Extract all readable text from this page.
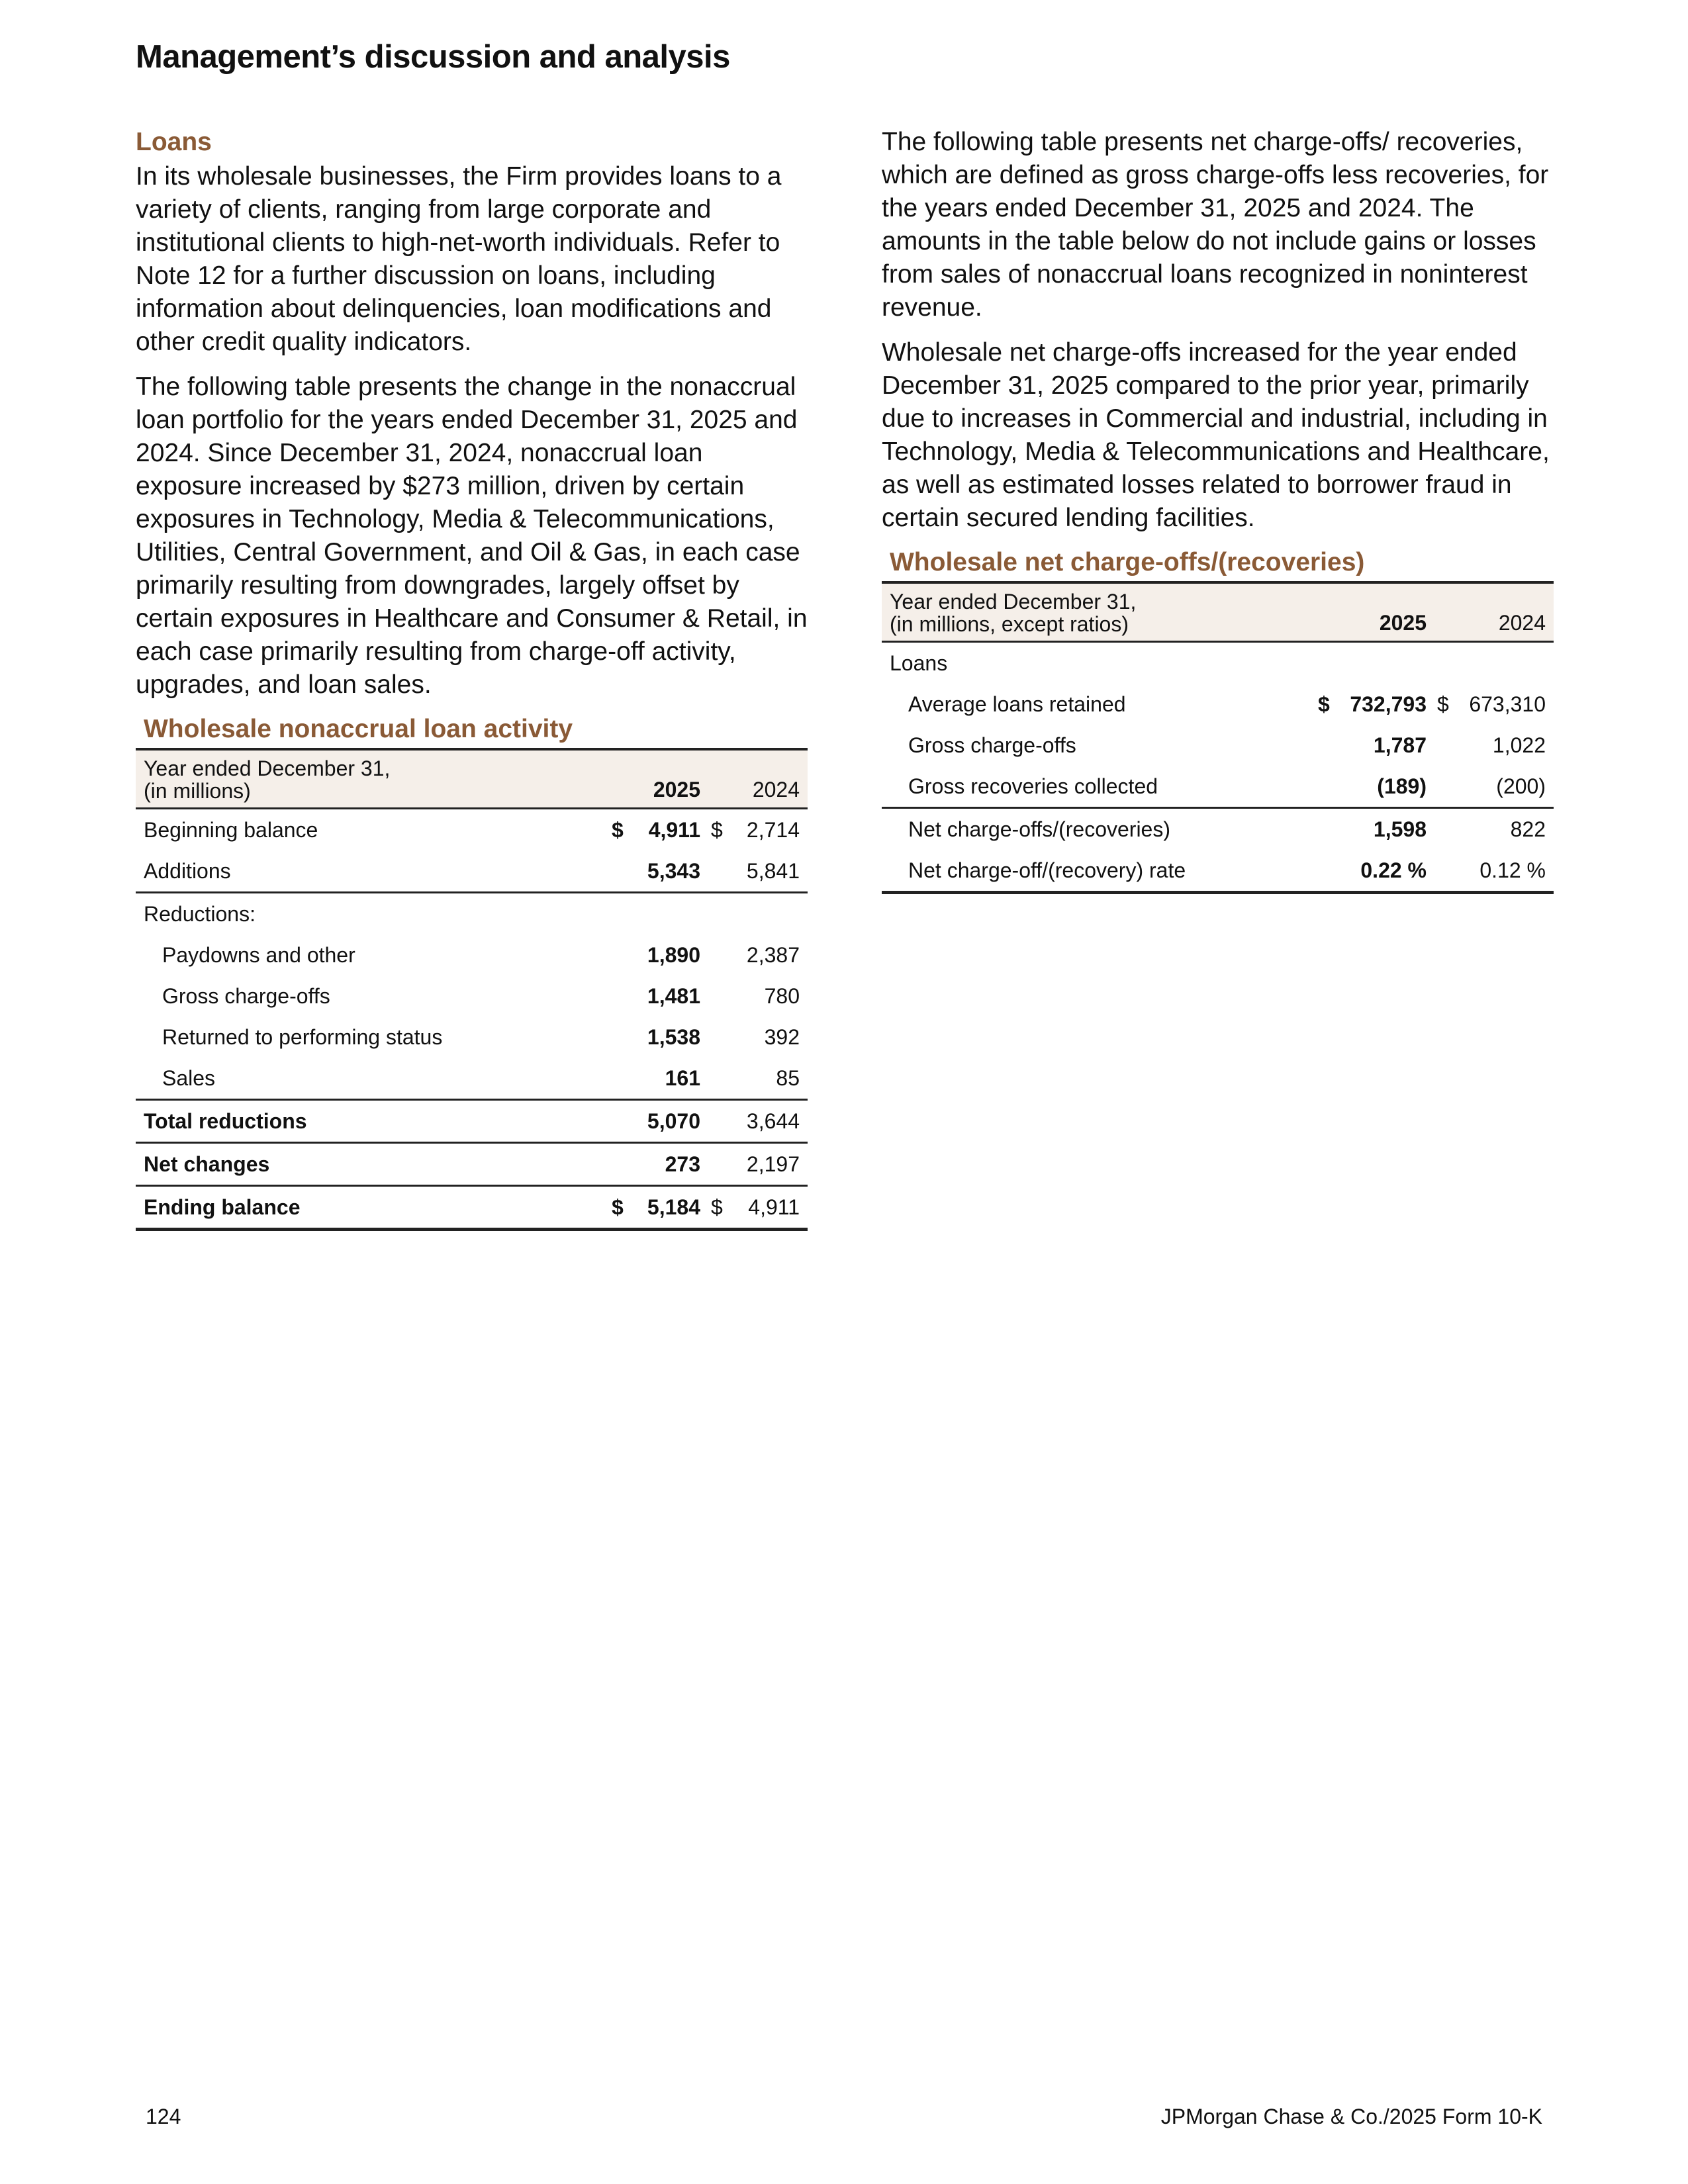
Management’s discussion and analysis
Loans

In its wholesale businesses, the Firm provides loans to a variety of clients, ranging from large corporate and institutional clients to high-net-worth individuals. Refer to Note 12 for a further discussion on loans, including information about delinquencies, loan modifications and other credit quality indicators.

The following table presents the change in the nonaccrual loan portfolio for the years ended December 31, 2025 and 2024. Since December 31, 2024, nonaccrual loan exposure increased by $273 million, driven by certain exposures in Technology, Media & Telecommunications, Utilities, Central Government, and Oil & Gas, in each case primarily resulting from downgrades, largely offset by certain exposures in Healthcare and Consumer & Retail, in each case primarily resulting from charge-off activity, upgrades, and loan sales.

Wholesale nonaccrual loan activity
Year ended December 31,
(in millions)	2025		2024	
Beginning balance	$	4,911	$	2,714
Additions		5,343		5,841
Reductions:				
Paydowns and other		1,890		2,387
Gross charge-offs		1,481		780
Returned to performing status		1,538		392
Sales		161		85
Total reductions		5,070		3,644
Net changes		273		2,197
Ending balance	$	5,184	$	4,911

The following table presents net charge-offs/ recoveries, which are defined as gross charge-offs less recoveries, for the years ended December 31, 2025 and 2024. The amounts in the table below do not include gains or losses from sales of nonaccrual loans recognized in noninterest revenue.

Wholesale net charge-offs increased for the year ended December 31, 2025 compared to the prior year, primarily due to increases in Commercial and industrial, including in Technology, Media & Telecommunications and Healthcare, as well as estimated losses related to borrower fraud in certain secured lending facilities.

Wholesale net charge-offs/(recoveries)
Year ended December 31,
(in millions, except ratios)	2025		2024	
Loans				
Average loans retained	$	732,793	$	673,310
Gross charge-offs		1,787		1,022
Gross recoveries collected		(189)		(200)
Net charge-offs/(recoveries)		1,598		822
Net charge-off/(recovery) rate		0.22 %		0.12 %
124	JPMorgan Chase & Co./2025 Form 10-K
